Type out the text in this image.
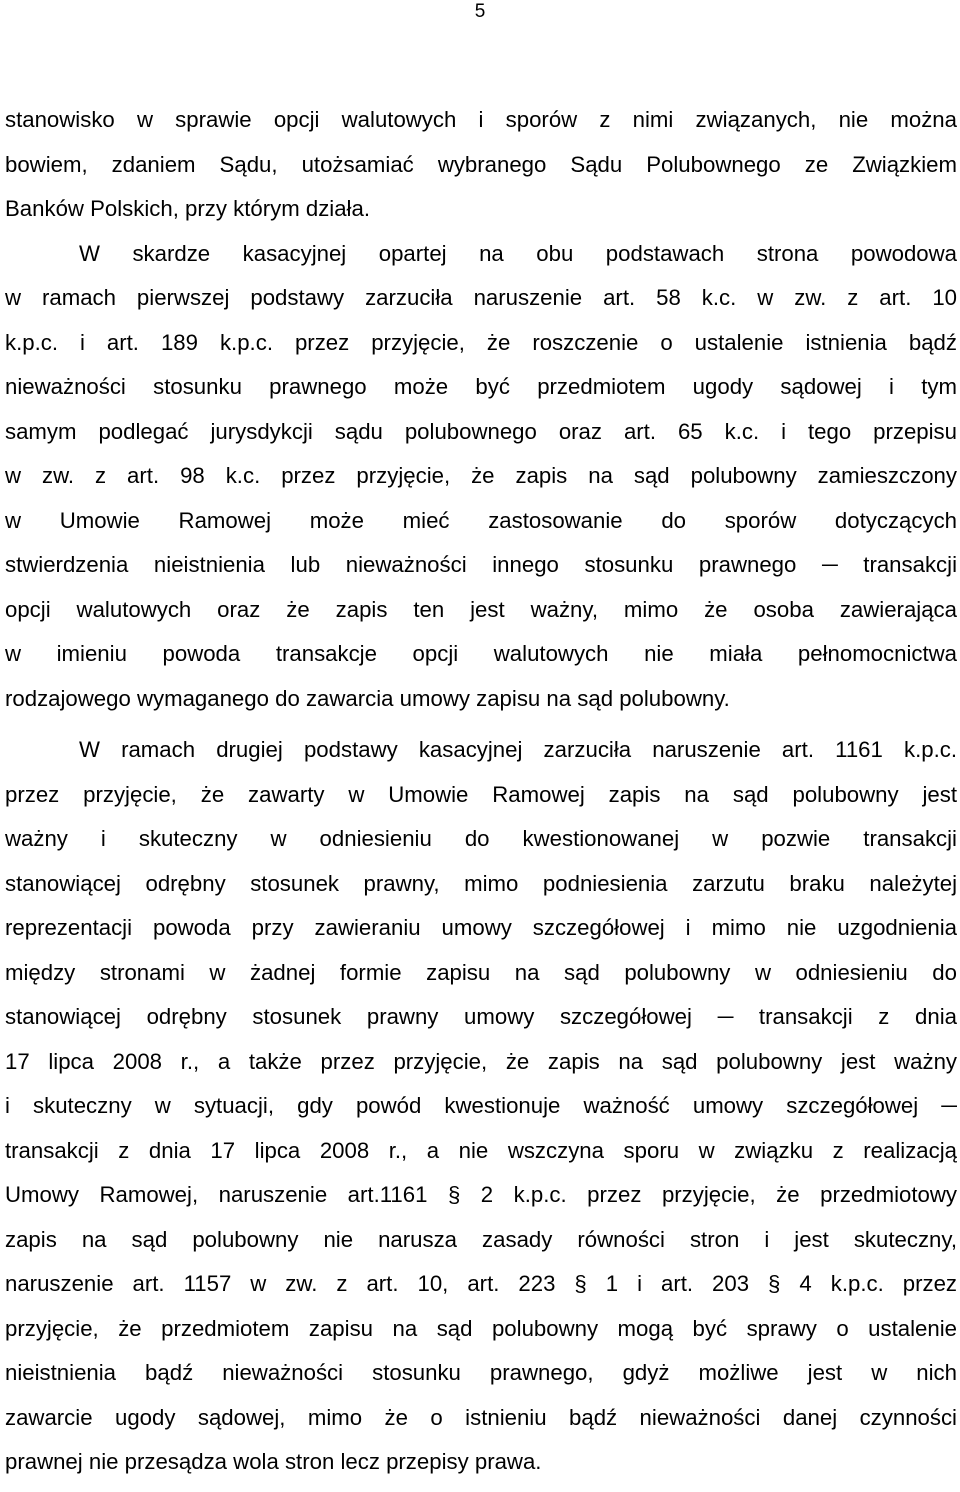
5
stanowisko w sprawie opcji walutowych i sporów z nimi związanych, nie można
bowiem, zdaniem Sądu, utożsamiać wybranego Sądu Polubownego ze Związkiem
Banków Polskich, przy którym działa.
W skardze kasacyjnej opartej na obu podstawach strona powodowa
w ramach pierwszej podstawy zarzuciła naruszenie art. 58 k.c. w zw. z art. 10
k.p.c. i art. 189 k.p.c. przez przyjęcie, że roszczenie o ustalenie istnienia bądź
nieważności stosunku prawnego może być przedmiotem ugody sądowej i tym
samym podlegać jurysdykcji sądu polubownego oraz art. 65 k.c. i tego przepisu
w zw. z art. 98 k.c. przez przyjęcie, że zapis na sąd polubowny zamieszczony
w Umowie Ramowej może mieć zastosowanie do sporów dotyczących
stwierdzenia nieistnienia lub nieważności innego stosunku prawnego ─ transakcji
opcji walutowych oraz że zapis ten jest ważny, mimo że osoba zawierająca
w imieniu powoda transakcje opcji walutowych nie miała pełnomocnictwa
rodzajowego wymaganego do zawarcia umowy zapisu na sąd polubowny.
W ramach drugiej podstawy kasacyjnej zarzuciła naruszenie art. 1161 k.p.c.
przez przyjęcie, że zawarty w Umowie Ramowej zapis na sąd polubowny jest
ważny i skuteczny w odniesieniu do kwestionowanej w pozwie transakcji
stanowiącej odrębny stosunek prawny, mimo podniesienia zarzutu braku należytej
reprezentacji powoda przy zawieraniu umowy szczegółowej i mimo nie uzgodnienia
między stronami w żadnej formie zapisu na sąd polubowny w odniesieniu do
stanowiącej odrębny stosunek prawny umowy szczegółowej ─ transakcji z dnia
17 lipca 2008 r., a także przez przyjęcie, że zapis na sąd polubowny jest ważny
i skuteczny w sytuacji, gdy powód kwestionuje ważność umowy szczegółowej ─
transakcji z dnia 17 lipca 2008 r., a nie wszczyna sporu w związku z realizacją
Umowy Ramowej, naruszenie art.1161 § 2 k.p.c. przez przyjęcie, że przedmiotowy
zapis na sąd polubowny nie narusza zasady równości stron i jest skuteczny,
naruszenie art. 1157 w zw. z art. 10, art. 223 § 1 i art. 203 § 4 k.p.c. przez
przyjęcie, że przedmiotem zapisu na sąd polubowny mogą być sprawy o ustalenie
nieistnienia bądź nieważności stosunku prawnego, gdyż możliwe jest w nich
zawarcie ugody sądowej, mimo że o istnieniu bądź nieważności danej czynności
prawnej nie przesądza wola stron lecz przepisy prawa.
